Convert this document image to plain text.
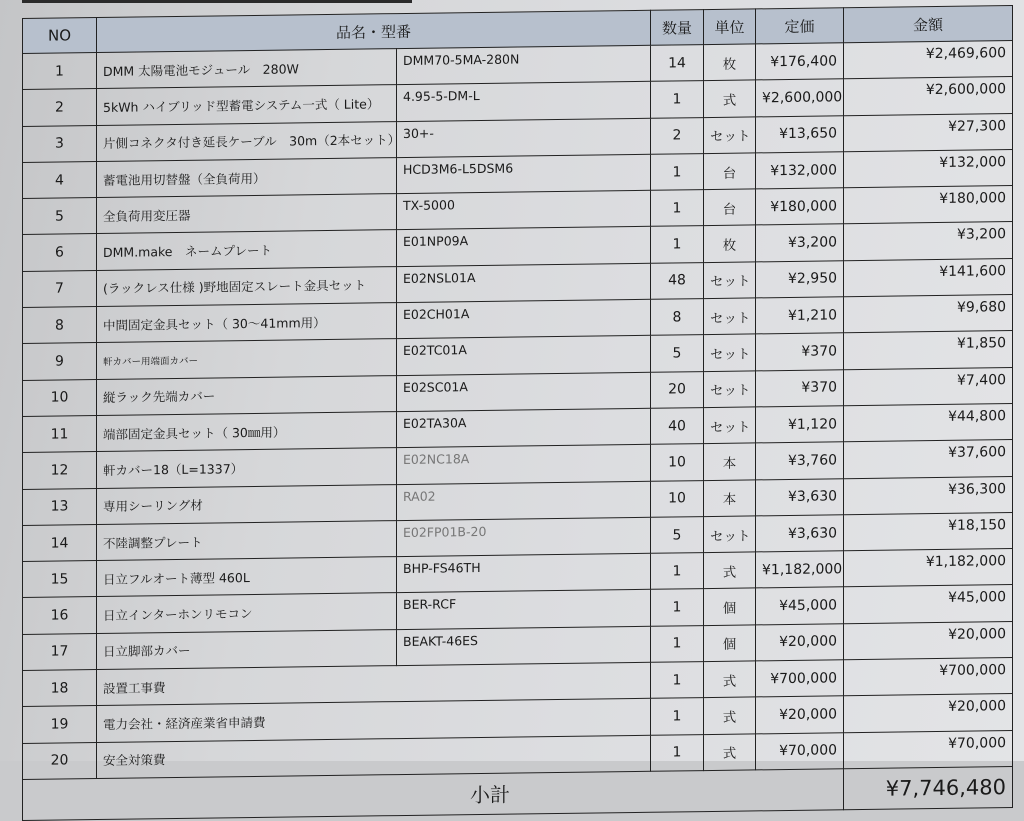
NO	品名・型番		数量	単位	定価	金額
1	DMM 太陽電池モジュール　280W	DMM70-5MA-280N	14	枚	¥176,400	¥2,469,600
2	5kWh ハイブリッド型蓄電システム一式（ Lite）	4.95-5-DM-L	1	式	¥2,600,000	¥2,600,000
3	片側コネクタ付き延長ケーブル　30m（2本セット）	30+-	2	セット	¥13,650	¥27,300
4	蓄電池用切替盤（全負荷用）	HCD3M6-L5DSM6	1	台	¥132,000	¥132,000
5	全負荷用変圧器	TX-5000	1	台	¥180,000	¥180,000
6	DMM.make　ネームプレート	E01NP09A	1	枚	¥3,200	¥3,200
7	(ラックレス仕様 )野地固定スレート金具セット	E02NSL01A	48	セット	¥2,950	¥141,600
8	中間固定金具セット（ 30～41mm用）	E02CH01A	8	セット	¥1,210	¥9,680
9	軒カバー用端面カバー	E02TC01A	5	セット	¥370	¥1,850
10	縦ラック先端カバー	E02SC01A	20	セット	¥370	¥7,400
11	端部固定金具セット（ 30㎜用）	E02TA30A	40	セット	¥1,120	¥44,800
12	軒カバー18（L=1337）	E02NC18A	10	本	¥3,760	¥37,600
13	専用シーリング材	RA02	10	本	¥3,630	¥36,300
14	不陸調整プレート	E02FP01B-20	5	セット	¥3,630	¥18,150
15	日立フルオート薄型 460L	BHP-FS46TH	1	式	¥1,182,000	¥1,182,000
16	日立インターホンリモコン	BER-RCF	1	個	¥45,000	¥45,000
17	日立脚部カバー	BEAKT-46ES	1	個	¥20,000	¥20,000
18	設置工事費		1	式	¥700,000	¥700,000
19	電力会社・経済産業省申請費		1	式	¥20,000	¥20,000
20	安全対策費		1	式	¥70,000	¥70,000
小計						¥7,746,480
